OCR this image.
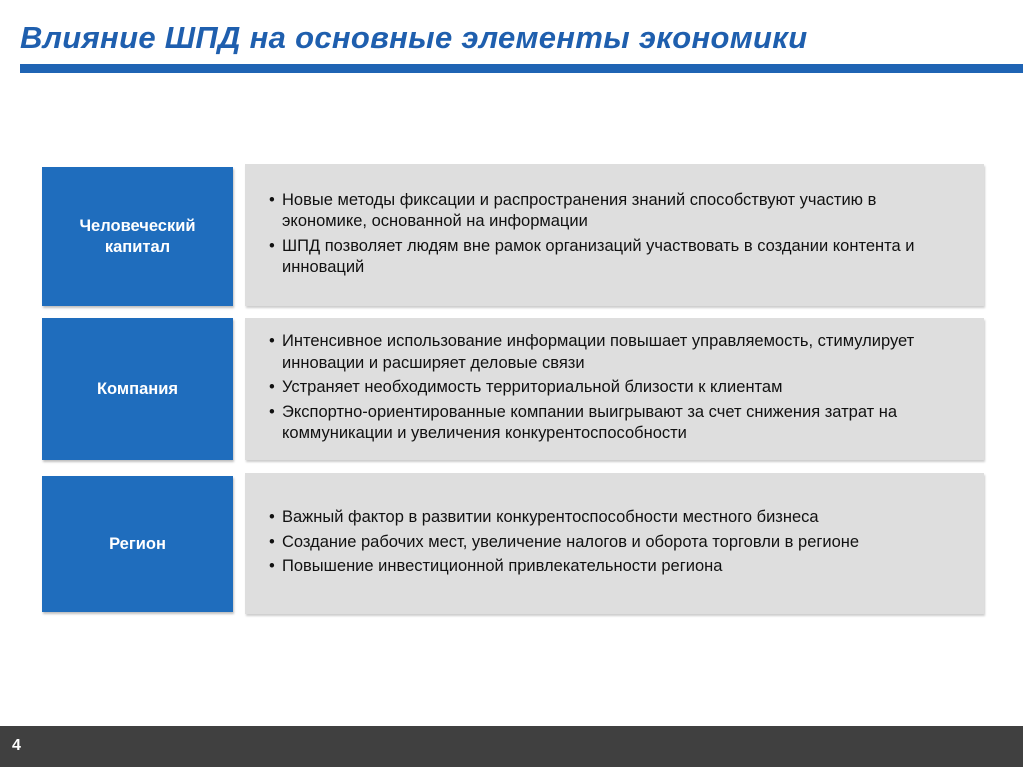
Влияние ШПД на основные элементы экономики
Человеческий капитал
• Новые методы фиксации и распространения знаний способствуют участию в экономике, основанной на информации
• ШПД позволяет людям вне рамок организаций участвовать в создании контента и инноваций
Компания
• Интенсивное использование информации повышает управляемость, стимулирует инновации и расширяет деловые связи
• Устраняет необходимость территориальной близости к клиентам
• Экспортно-ориентированные компании выигрывают за счет снижения затрат на коммуникации и увеличения конкурентоспособности
Регион
• Важный фактор в развитии конкурентоспособности местного бизнеса
• Создание рабочих мест, увеличение налогов и оборота торговли в регионе
• Повышение инвестиционной привлекательности региона
4
